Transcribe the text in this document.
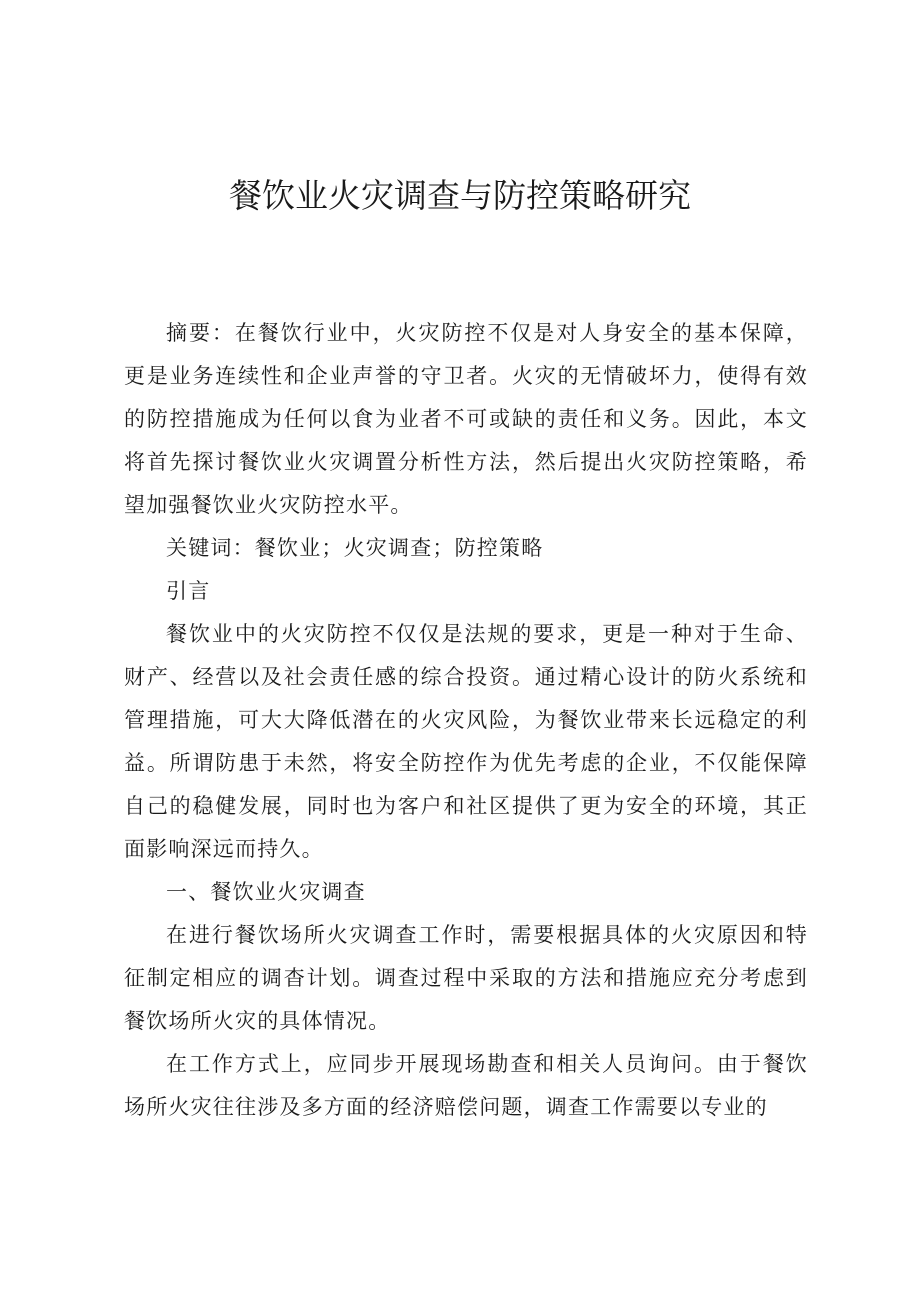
餐饮业火灾调查与防控策略研究

摘要：在餐饮行业中，火灾防控不仅是对人身安全的基本保障，更是业务连续性和企业声誉的守卫者。火灾的无情破坏力，使得有效的防控措施成为任何以食为业者不可或缺的责任和义务。因此，本文将首先探讨餐饮业火灾调置分析性方法，然后提出火灾防控策略，希望加强餐饮业火灾防控水平。

关键词：餐饮业；火灾调查；防控策略

引言

餐饮业中的火灾防控不仅仅是法规的要求，更是一种对于生命、财产、经营以及社会责任感的综合投资。通过精心设计的防火系统和管理措施，可大大降低潜在的火灾风险，为餐饮业带来长远稳定的利益。所谓防患于未然，将安全防控作为优先考虑的企业，不仅能保障自己的稳健发展，同时也为客户和社区提供了更为安全的环境，其正面影响深远而持久。

一、餐饮业火灾调查

在进行餐饮场所火灾调查工作时，需要根据具体的火灾原因和特征制定相应的调杳计划。调查过程中采取的方法和措施应充分考虑到餐饮场所火灾的具体情况。

在工作方式上，应同步开展现场勘查和相关人员询问。由于餐饮场所火灾往往涉及多方面的经济赔偿问题，调查工作需要以专业的
